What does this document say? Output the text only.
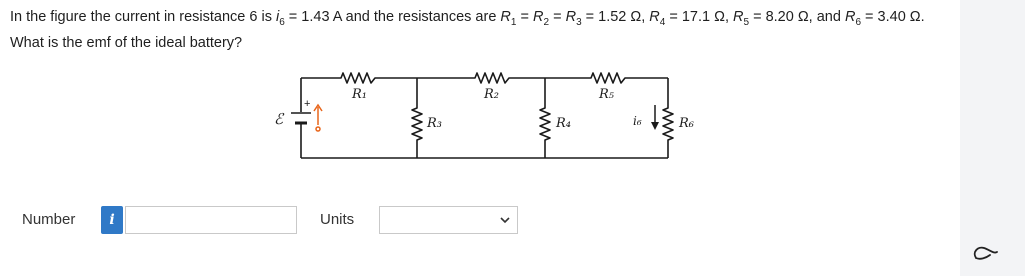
In the figure the current in resistance 6 is $i_6 = 1.43$ A and the resistances are $R_1 = R_2 = R_3 = 1.52$ Ω, $R_4 = 17.1$ Ω, $R_5 = 8.20$ Ω, and $R_6 = 3.40$ Ω. What is the emf of the ideal battery?
+
ℰ
R₁	R₂	R₅
R₃	R₄	R₆
i₆
Number	i	Units
